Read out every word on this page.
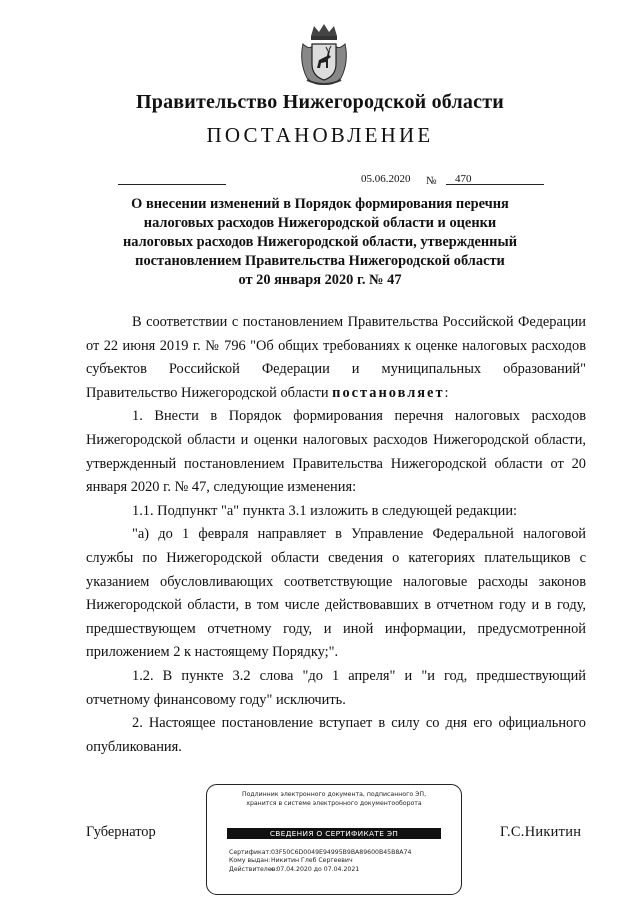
Правительство Нижегородской области
ПОСТАНОВЛЕНИЕ
05.06.2020 № 470
О внесении изменений в Порядок формирования перечня
налоговых расходов Нижегородской области и оценки
налоговых расходов Нижегородской области, утвержденный
постановлением Правительства Нижегородской области
от 20 января 2020 г. № 47

В соответствии с постановлением Правительства Российской Федерации от 22 июня 2019 г. № 796 "Об общих требованиях к оценке налоговых расходов субъектов Российской Федерации и муниципальных образований" Правительство Нижегородской области постановляет:

1. Внести в Порядок формирования перечня налоговых расходов Нижегородской области и оценки налоговых расходов Нижегородской области, утвержденный постановлением Правительства Нижегородской области от 20 января 2020 г. № 47, следующие изменения:

1.1. Подпункт "а" пункта 3.1 изложить в следующей редакции:

"а) до 1 февраля направляет в Управление Федеральной налоговой службы по Нижегородской области сведения о категориях плательщиков с указанием обусловливающих соответствующие налоговые расходы законов Нижегородской области, в том числе действовавших в отчетном году и в году, предшествующем отчетному году, и иной информации, предусмотренной приложением 2 к настоящему Порядку;".

1.2. В пункте 3.2 слова "до 1 апреля" и "и год, предшествующий отчетному финансовому году" исключить.

2. Настоящее постановление вступает в силу со дня его официального опубликования.

Губернатор	Г.С.Никитин
Подлинник электронного документа, подписанного ЭП,
хранится в системе электронного документооборота
СВЕДЕНИЯ О СЕРТИФИКАТЕ ЭП
Сертификат: 03F50C6D0049E94995B9BA89600B45B8A74
Кому выдан: Никитин Глеб Сергеевич
Действителен: с 07.04.2020 до 07.04.2021
